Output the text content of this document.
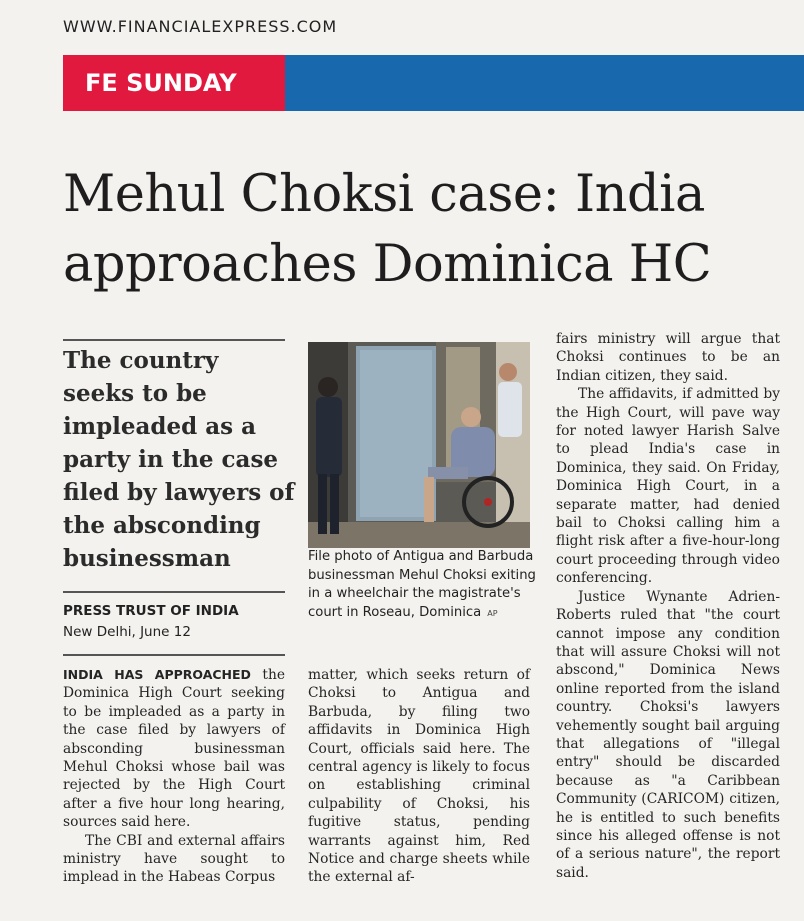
WWW.FINANCIALEXPRESS.COM
FE SUNDAY
Mehul Choksi case: India approaches Dominica HC

The country seeks to be impleaded as a party in the case filed by lawyers of the absconding businessman

PRESS TRUST OF INDIA
New Delhi, June 12

INDIA HAS APPROACHED the Dominica High Court seeking to be impleaded as a party in the case filed by lawyers of absconding businessman Mehul Choksi whose bail was rejected by the High Court after a five hour long hearing, sources said here.

The CBI and external affairs ministry have sought to implead in the Habeas Corpus

File photo of Antigua and Barbuda businessman Mehul Choksi exiting in a wheelchair the magistrate's court in Roseau, Dominica AP

matter, which seeks return of Choksi to Antigua and Barbuda, by filing two affidavits in Dominica High Court, officials said here. The central agency is likely to focus on establishing criminal culpability of Choksi, his fugitive status, pending warrants against him, Red Notice and charge sheets while the external af-

fairs ministry will argue that Choksi continues to be an Indian citizen, they said.

The affidavits, if admitted by the High Court, will pave way for noted lawyer Harish Salve to plead India's case in Dominica, they said. On Friday, Dominica High Court, in a separate matter, had denied bail to Choksi calling him a flight risk after a five-hour-long court proceeding through video conferencing.

Justice Wynante Adrien-Roberts ruled that "the court cannot impose any condition that will assure Choksi will not abscond," Dominica News online reported from the island country. Choksi's lawyers vehemently sought bail arguing that allegations of "illegal entry" should be discarded because as "a Caribbean Community (CARICOM) citizen, he is entitled to such benefits since his alleged offense is not of a serious nature", the report said.
